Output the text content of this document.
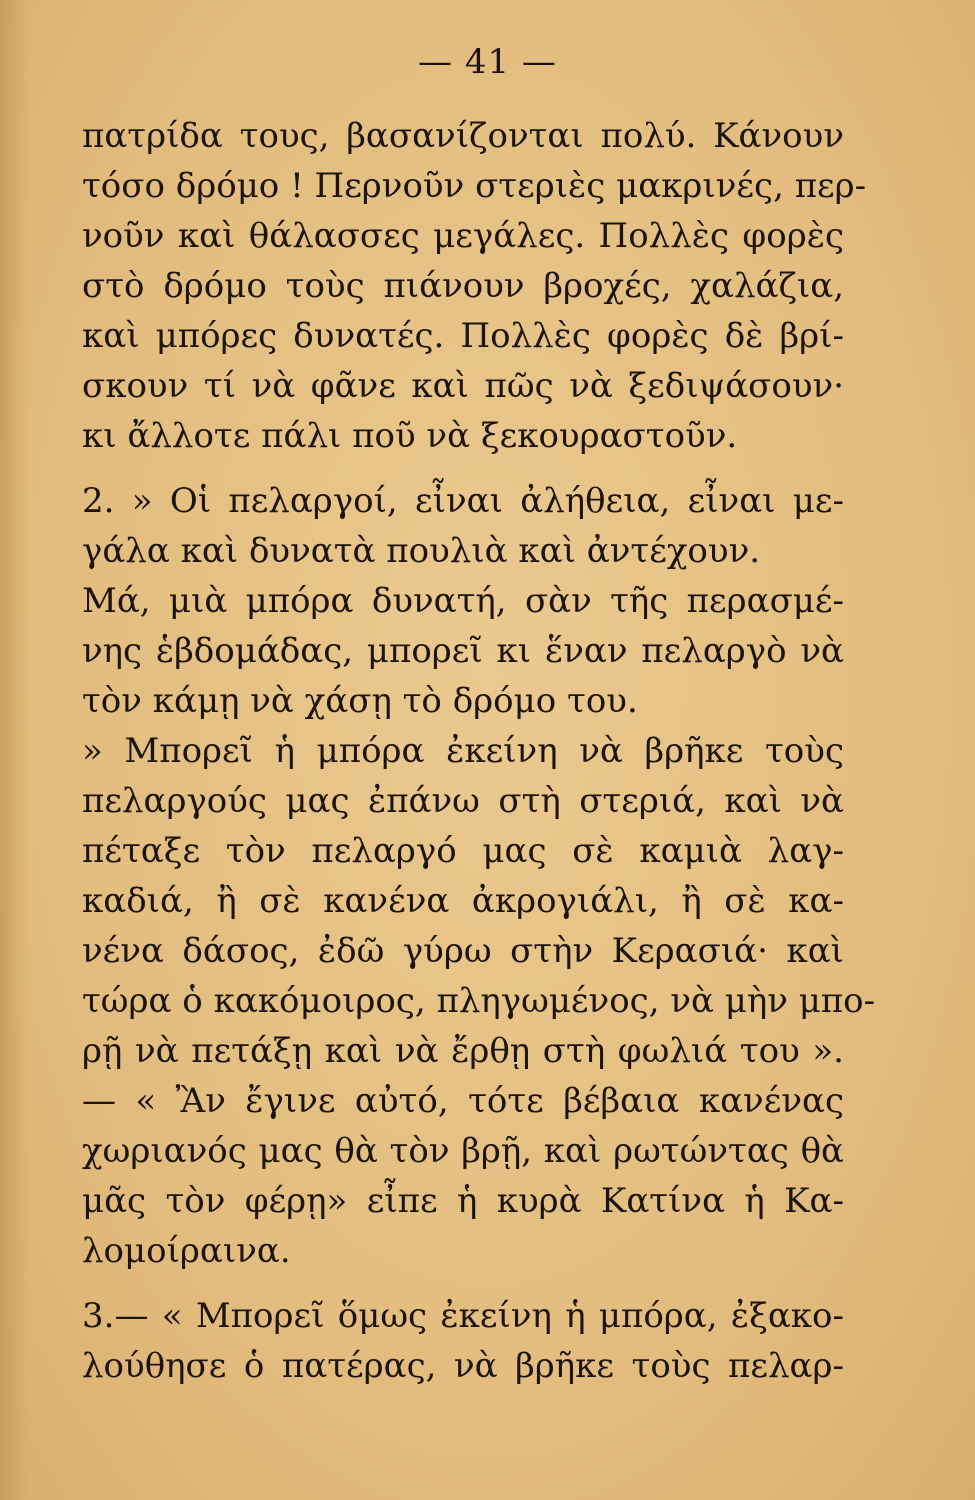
— 41 —
πατρίδα τους, βασανίζονται πολύ. Κάνουν
τόσο δρόμο ! Περνοῦν στεριὲς μακρινές, περ-
νοῦν καὶ θάλασσες μεγάλες. Πολλὲς φορὲς
στὸ δρόμο τοὺς πιάνουν βροχές, χαλάζια,
καὶ μπόρες δυνατές. Πολλὲς φορὲς δὲ βρί-
σκουν τί νὰ φᾶνε καὶ πῶς νὰ ξεδιψάσουν·
κι ἄλλοτε πάλι ποῦ νὰ ξεκουραστοῦν.
2. » Οἱ πελαργοί, εἶναι ἀλήθεια, εἶναι με-
γάλα καὶ δυνατὰ πουλιὰ καὶ ἀντέχουν.
Μά, μιὰ μπόρα δυνατή, σὰν τῆς περασμέ-
νης ἑβδομάδας, μπορεῖ κι ἕναν πελαργὸ νὰ
τὸν κάμῃ νὰ χάσῃ τὸ δρόμο του.
» Μπορεῖ ἡ μπόρα ἐκείνη νὰ βρῆκε τοὺς
πελαργούς μας ἐπάνω στὴ στεριά, καὶ νὰ
πέταξε τὸν πελαργό μας σὲ καμιὰ λαγ-
καδιά, ἢ σὲ κανένα ἀκρογιάλι, ἢ σὲ κα-
νένα δάσος, ἐδῶ γύρω στὴν Κερασιά· καὶ
τώρα ὁ κακόμοιρος, πληγωμένος, νὰ μὴν μπο-
ρῇ νὰ πετάξῃ καὶ νὰ ἔρθῃ στὴ φωλιά του ».
— « Ἂν ἔγινε αὐτό, τότε βέβαια κανένας
χωριανός μας θὰ τὸν βρῇ, καὶ ρωτώντας θὰ
μᾶς τὸν φέρῃ» εἶπε ἡ κυρὰ Κατίνα ἡ Κα-
λομοίραινα.
3.— « Μπορεῖ ὅμως ἐκείνη ἡ μπόρα, ἐξακο-
λούθησε ὁ πατέρας, νὰ βρῆκε τοὺς πελαρ-
